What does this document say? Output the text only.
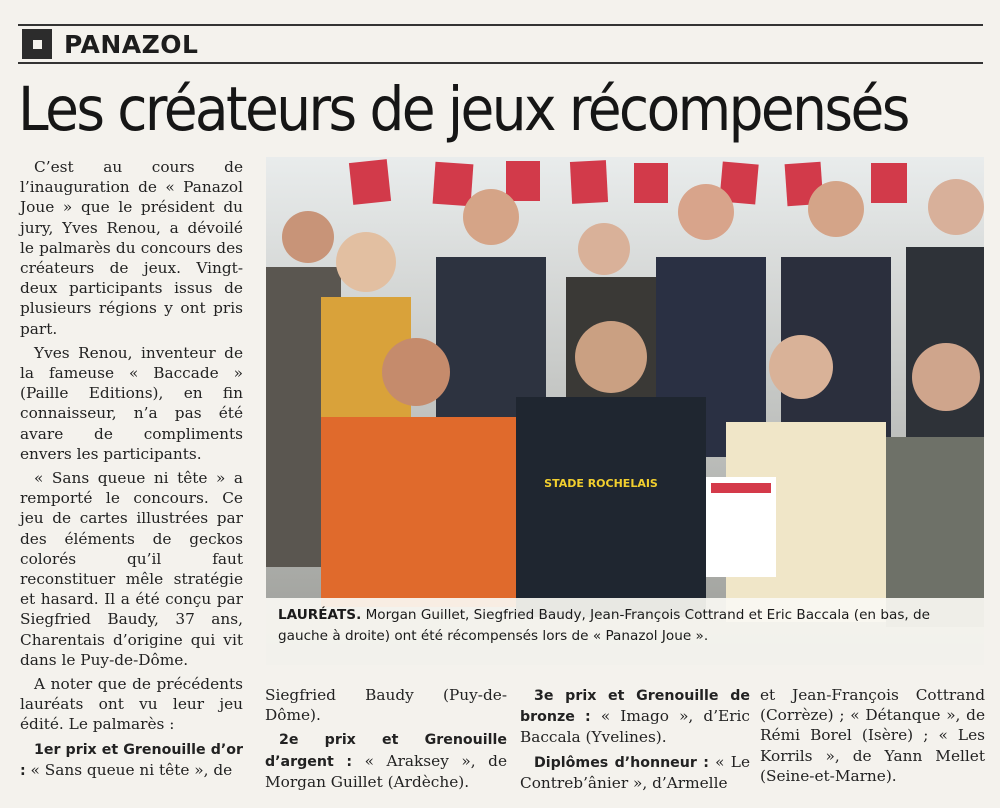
PANAZOL
Les créateurs de jeux récompensés

C’est au cours de l’inauguration de « Panazol Joue » que le président du jury, Yves Renou, a dévoilé le palmarès du concours des créateurs de jeux. Vingt-deux participants issus de plusieurs régions y ont pris part.

Yves Renou, inventeur de la fameuse « Baccade » (Paille Editions), en fin connaisseur, n’a pas été avare de compliments envers les participants.

« Sans queue ni tête » a remporté le concours. Ce jeu de cartes illustrées par des éléments de geckos colorés qu’il faut reconstituer mêle stratégie et hasard. Il a été conçu par Siegfried Baudy, 37 ans, Charentais d’origine qui vit dans le Puy-de-Dôme.

A noter que de précédents lauréats ont vu leur jeu édité. Le palmarès :

1er prix et Grenouille d’or : « Sans queue ni tête », de

STADE ROCHELAIS
LAURÉATS. Morgan Guillet, Siegfried Baudy, Jean-François Cottrand et Eric Baccala (en bas, de gauche à droite) ont été récompensés lors de « Panazol Joue ».

Siegfried Baudy (Puy-de-Dôme).

2e prix et Grenouille d’argent : « Araksey », de Morgan Guillet (Ardèche).

3e prix et Grenouille de bronze : « Imago », d’Eric Baccala (Yvelines).

Diplômes d’honneur : « Le Contreb’ânier », d’Armelle

et Jean-François Cottrand (Corrèze) ; « Détanque », de Rémi Borel (Isère) ; « Les Korrils », de Yann Mellet (Seine-et-Marne).
